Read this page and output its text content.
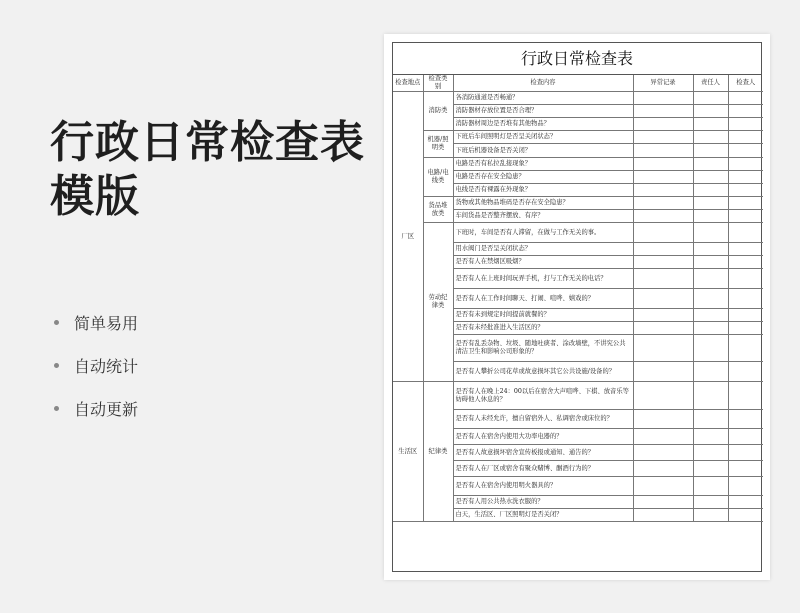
行政日常检查表模版
简单易用
自动统计
自动更新
行政日常检查表
检查地点	检查类别	检查内容	异常记录	责任人	检查人
厂区	消防类	各消防通道是否畅通？			
		消防器材存放位置是否合理？			
		消防器材周边是否堆有其他物品？			
	机器/照明类	下班后车间照明灯是否呈关闭状态？			
		下班后机器设备是否关闭？			
	电路/电线类	电路是否有私拉乱接现象？			
		电路是否存在安全隐患？			
		电线是否有裸露在外现象？			
	货品堆放类	货物或其他物品堆码是否存在安全隐患？			
		车间货品是否整齐摆放、有序？			
	劳动纪律类	下班时，车间是否有人滞留，在做与工作无关的事。			
		用水阀门是否呈关闭状态？			
		是否有人在禁烟区吸烟？			
		是否有人在上班时间玩弄手机，打与工作无关的电话？			
		是否有人在工作时间聊天、打闹、喧哗、嬉戏的？			
		是否有未到规定时间提前就餐的？			
		是否有未经批准进入生活区的？			
		是否有乱丢杂物、垃圾、随地吐痰者、涂改墙壁，不讲究公共清洁卫生和影响公司形象的？			
		是否有人攀折公司花草或故意损坏其它公共设施/设备的？			
生活区	纪律类	是否有人在晚上24：00以后在宿舍大声喧哗、下棋、放音乐等妨碍他人休息的？			
		是否有人未经允许，擅自留宿外人、私调宿舍或床位的？			
		是否有人在宿舍内使用大功率电器的？			
		是否有人故意损坏宿舍宣传板报或通知、通告的？			
		是否有人在厂区或宿舍有聚众赌博、酗酒行为的？			
		是否有人在宿舍内使用明火器具的？			
		是否有人用公共热水洗衣服的？			
		白天，生活区、厂区照明灯是否关闭？			
